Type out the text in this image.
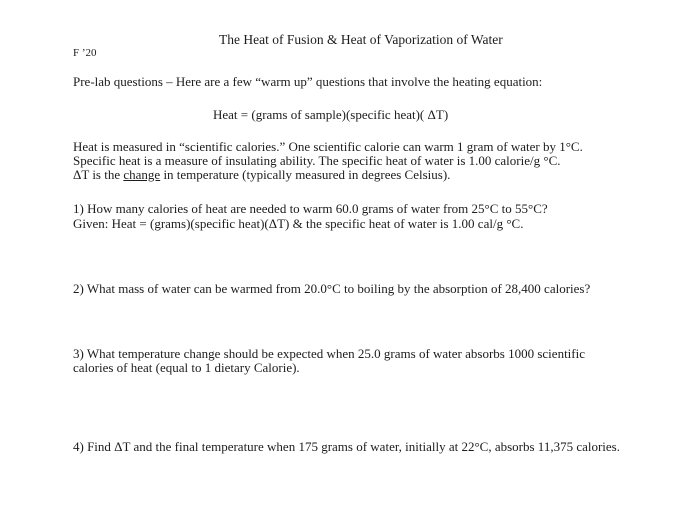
The Heat of Fusion & Heat of Vaporization of Water
F ’20
Pre-lab questions – Here are a few “warm up” questions that involve the heating equation:
Heat = (grams of sample)(specific heat)( ΔT)
Heat is measured in “scientific calories.” One scientific calorie can warm 1 gram of water by 1°C.
Specific heat is a measure of insulating ability. The specific heat of water is 1.00 calorie/g °C.
ΔT is the change in temperature (typically measured in degrees Celsius).
1) How many calories of heat are needed to warm 60.0 grams of water from 25°C to 55°C?
Given: Heat = (grams)(specific heat)(ΔT) & the specific heat of water is 1.00 cal/g °C.
2) What mass of water can be warmed from 20.0°C to boiling by the absorption of 28,400 calories?
3) What temperature change should be expected when 25.0 grams of water absorbs 1000 scientific
calories of heat (equal to 1 dietary Calorie).
4) Find ΔT and the final temperature when 175 grams of water, initially at 22°C, absorbs 11,375 calories.
